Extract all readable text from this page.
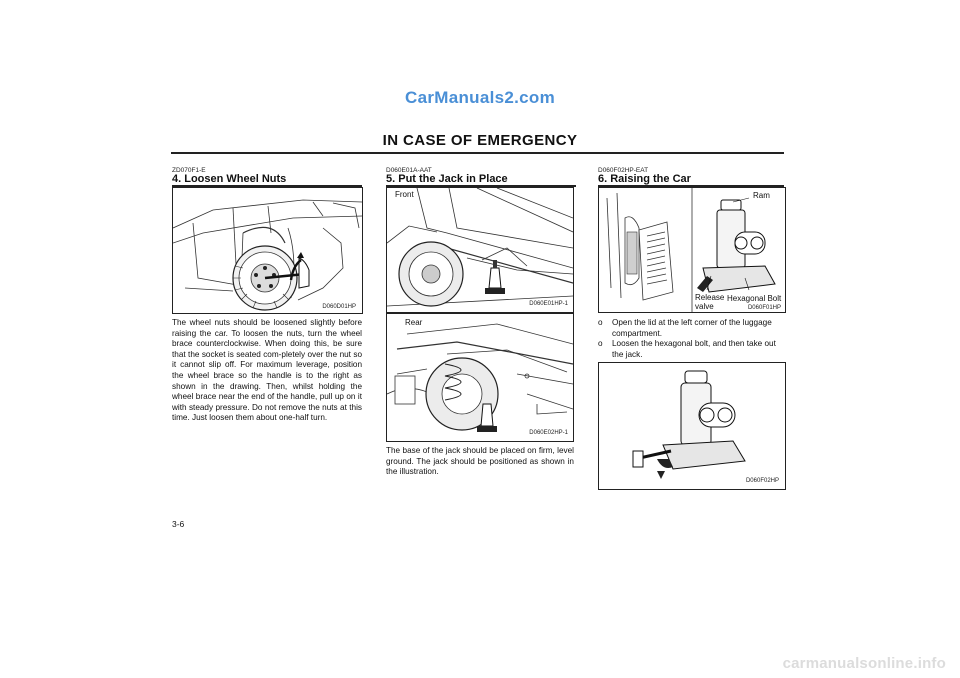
CarManuals2.com
IN CASE OF EMERGENCY
ZD070F1-E
4. Loosen Wheel Nuts
D060D01HP
The wheel nuts should be loosened slightly before raising the car. To loosen the nuts, turn the wheel brace counterclockwise. When doing this, be sure that the socket is seated com-pletely over the nut so it cannot slip off. For maximum leverage, position the wheel brace so the handle is to the right as shown in the drawing. Then, whilst holding the wheel brace near the end of the handle, pull up on it with steady pressure. Do not remove the nuts at this time. Just loosen them about one-half turn.
D060E01A-AAT
5. Put the Jack in Place
Front
D060E01HP-1
Rear
D060E02HP-1
The base of the jack should be placed on firm, level ground. The jack should be positioned as shown in the illustration.
D060F02HP-EAT
6. Raising the Car
Ram
Release
valve
Hexagonal Bolt
D060F01HP
o Open the lid at the left corner of the luggage compartment.
o Loosen the hexagonal bolt, and then take out the jack.
D060F02HP
3-6
carmanualsonline.info
